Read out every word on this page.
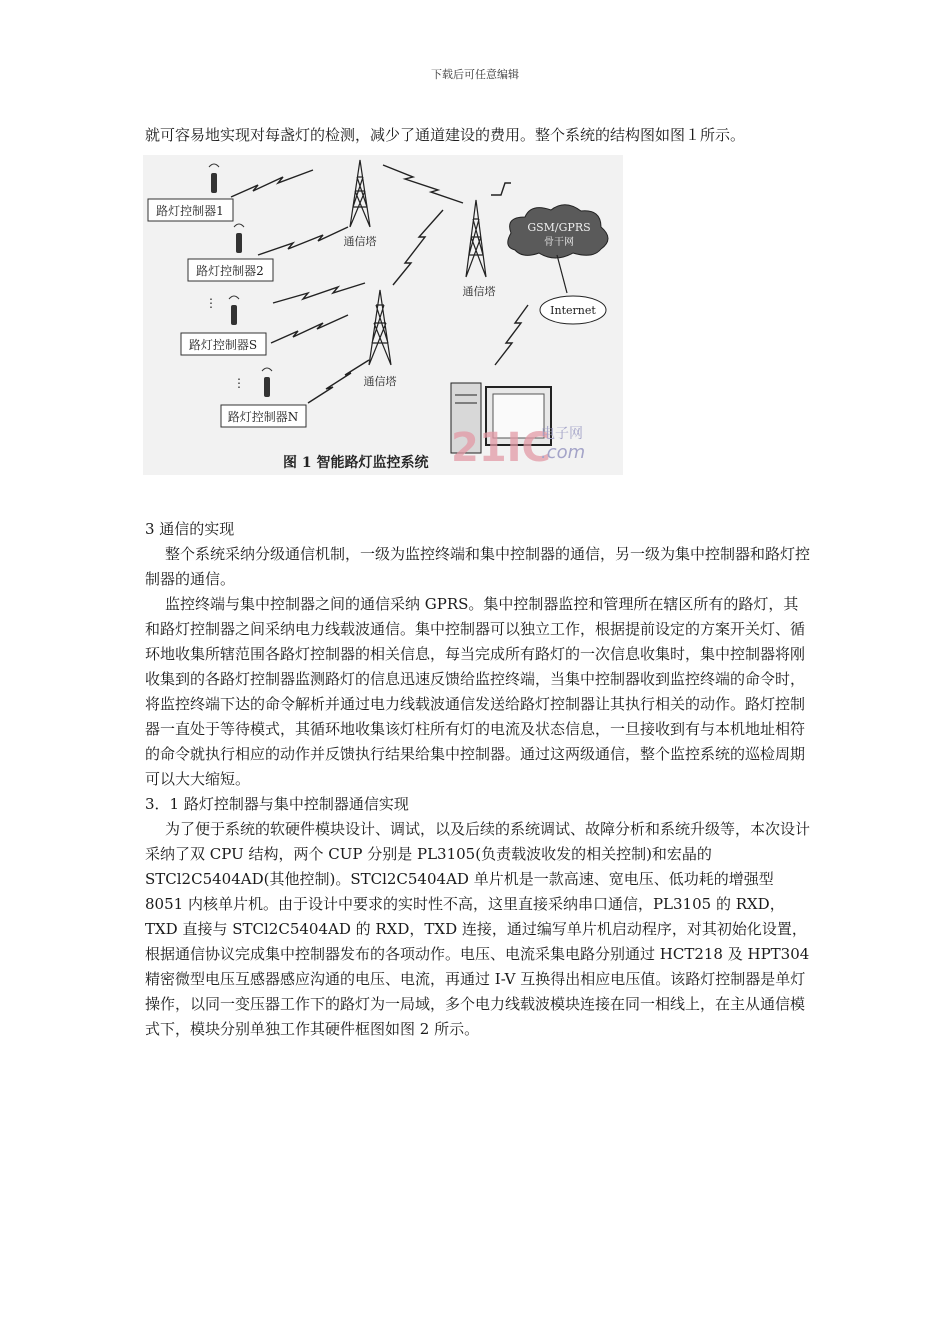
下载后可任意编辑

就可容易地实现对每盏灯的检测，减少了通道建设的费用。整个系统的结构图如图１所示。

路灯控制器1
路灯控制器2
⋮
路灯控制器S
⋮
路灯控制器N
通信塔
通信塔
通信塔
GSM/GPRS
骨干网
Internet
21IC
电子网
.com
图 1 智能路灯监控系统

3 通信的实现

整个系统采纳分级通信机制，一级为监控终端和集中控制器的通信，另一级为集中控制器和路灯控制器的通信。

监控终端与集中控制器之间的通信采纳 GPRS。集中控制器监控和管理所在辖区所有的路灯，其和路灯控制器之间采纳电力线载波通信。集中控制器可以独立工作，根据提前设定的方案开关灯、循环地收集所辖范围各路灯控制器的相关信息，每当完成所有路灯的一次信息收集时，集中控制器将刚收集到的各路灯控制器监测路灯的信息迅速反馈给监控终端，当集中控制器收到监控终端的命令时，将监控终端下达的命令解析并通过电力线载波通信发送给路灯控制器让其执行相关的动作。路灯控制器一直处于等待模式，其循环地收集该灯柱所有灯的电流及状态信息，一旦接收到有与本机地址相符的命令就执行相应的动作并反馈执行结果给集中控制器。通过这两级通信，整个监控系统的巡检周期可以大大缩短。

3．1 路灯控制器与集中控制器通信实现

为了便于系统的软硬件模块设计、调试，以及后续的系统调试、故障分析和系统升级等，本次设计采纳了双 CPU 结构，两个 CUP 分别是 PL3105(负责载波收发的相关控制)和宏晶的 STCl2C5404AD(其他控制)。STCl2C5404AD 单片机是一款高速、宽电压、低功耗的增强型 8051 内核单片机。由于设计中要求的实时性不高，这里直接采纳串口通信，PL3105 的 RXD，TXD 直接与 STCl2C5404AD 的 RXD，TXD 连接，通过编写单片机启动程序，对其初始化设置，根据通信协议完成集中控制器发布的各项动作。电压、电流采集电路分别通过 HCT218 及 HPT304 精密微型电压互感器感应沟通的电压、电流，再通过 I-V 互换得出相应电压值。该路灯控制器是单灯操作，以同一变压器工作下的路灯为一局域，多个电力线载波模块连接在同一相线上，在主从通信模式下，模块分别单独工作其硬件框图如图 2 所示。
